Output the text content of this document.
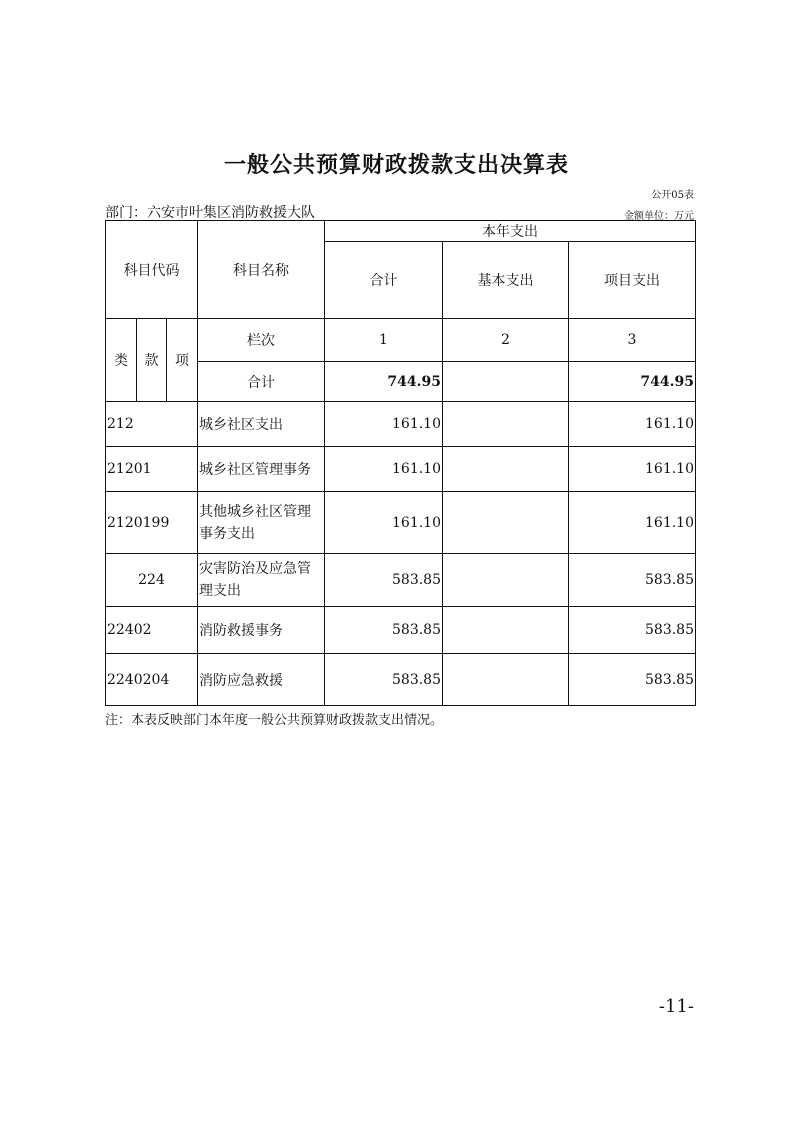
一般公共预算财政拨款支出决算表
公开05表
部门：六安市叶集区消防救援大队	金额单位：万元
科目代码			科目名称	本年支出		
				合计	基本支出	项目支出
类	款	项	栏次	1	2	3
			合计	744.95		744.95
212			城乡社区支出	161.10		161.10
21201			城乡社区管理事务	161.10		161.10
2120199			其他城乡社区管理事务支出	161.10		161.10
224			灾害防治及应急管理支出	583.85		583.85
22402			消防救援事务	583.85		583.85
2240204			消防应急救援	583.85		583.85
注：本表反映部门本年度一般公共预算财政拨款支出情况。
-11-
